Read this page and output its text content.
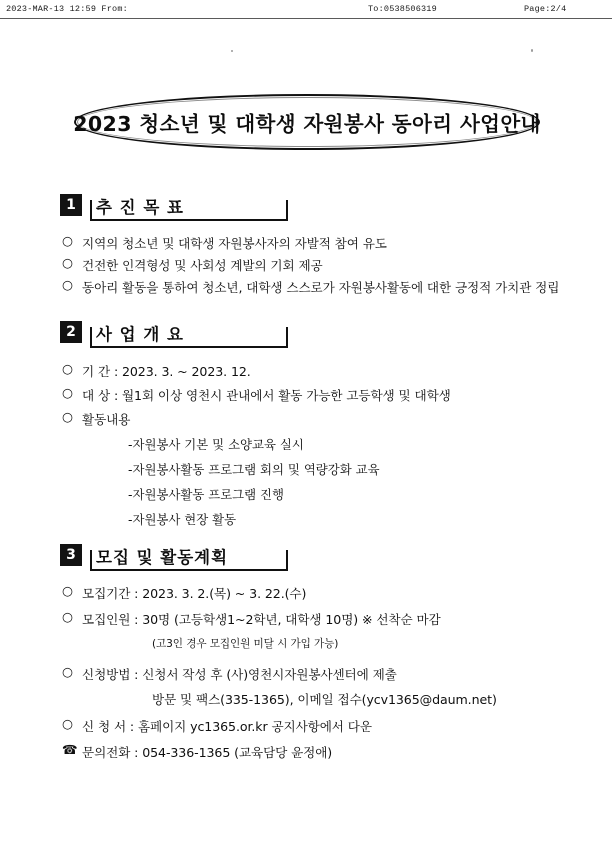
2023-MAR-13 12:59 From:	To:0538506319	Page:2/4
2023 청소년 및 대학생 자원봉사 동아리 사업안내
1	추 진 목 표
○ 지역의 청소년 및 대학생 자원봉사자의 자발적 참여 유도
○ 건전한 인격형성 및 사회성 계발의 기회 제공
○ 동아리 활동을 통하여 청소년, 대학생 스스로가 자원봉사활동에 대한 긍정적 가치관 정립
2	사 업 개 요
○ 기 간 : 2023. 3. ~ 2023. 12.
○ 대 상 : 월1회 이상 영천시 관내에서 활동 가능한 고등학생 및 대학생
○ 활동내용
-자원봉사 기본 및 소양교육 실시
-자원봉사활동 프로그램 회의 및 역량강화 교육
-자원봉사활동 프로그램 진행
-자원봉사 현장 활동
3	모집 및 활동계획
○ 모집기간 : 2023. 3. 2.(목) ~ 3. 22.(수)
○ 모집인원 : 30명 (고등학생1~2학년, 대학생 10명) ※ 선착순 마감
(고3인 경우 모집인원 미달 시 가입 가능)
○ 신청방법 : 신청서 작성 후 (사)영천시자원봉사센터에 제출
방문 및 팩스(335-1365), 이메일 접수(ycv1365@daum.net)
○ 신 청 서 : 홈페이지 yc1365.or.kr 공지사항에서 다운
☎ 문의전화 : 054-336-1365 (교육담당 윤정애)
